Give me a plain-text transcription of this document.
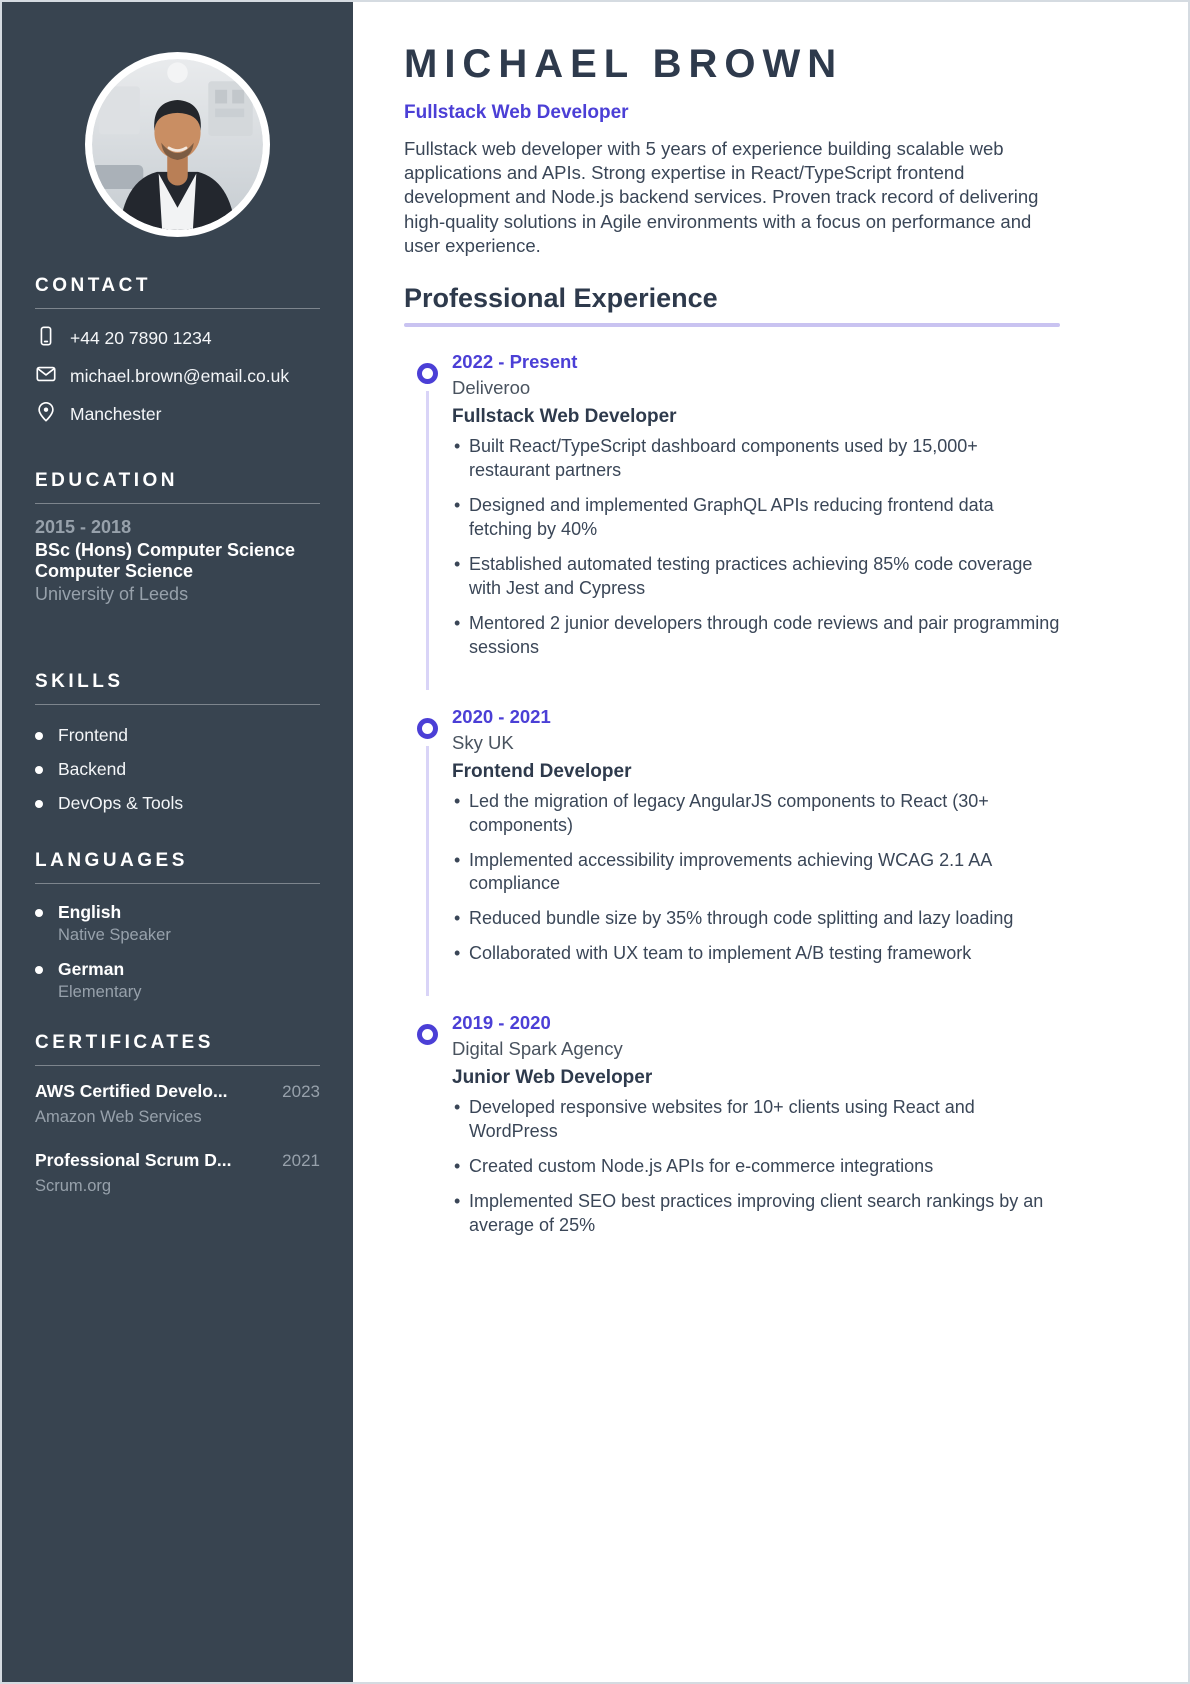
CONTACT
+44 20 7890 1234
michael.brown@email.co.uk
Manchester
EDUCATION
2015 - 2018
BSc (Hons) Computer Science Computer Science
University of Leeds
SKILLS
Frontend
Backend
DevOps & Tools
LANGUAGES
English
Native Speaker
German
Elementary
CERTIFICATES
AWS Certified Develo...	2023
Amazon Web Services
Professional Scrum D...	2021
Scrum.org
MICHAEL BROWN
Fullstack Web Developer

Fullstack web developer with 5 years of experience building scalable web applications and APIs. Strong expertise in React/TypeScript frontend development and Node.js backend services. Proven track record of delivering high-quality solutions in Agile environments with a focus on performance and user experience.

Professional Experience
2022 - Present
Deliveroo
Fullstack Web Developer
• Built React/TypeScript dashboard components used by 15,000+ restaurant partners
• Designed and implemented GraphQL APIs reducing frontend data fetching by 40%
• Established automated testing practices achieving 85% code coverage with Jest and Cypress
• Mentored 2 junior developers through code reviews and pair programming sessions
2020 - 2021
Sky UK
Frontend Developer
• Led the migration of legacy AngularJS components to React (30+ components)
• Implemented accessibility improvements achieving WCAG 2.1 AA compliance
• Reduced bundle size by 35% through code splitting and lazy loading
• Collaborated with UX team to implement A/B testing framework
2019 - 2020
Digital Spark Agency
Junior Web Developer
• Developed responsive websites for 10+ clients using React and WordPress
• Created custom Node.js APIs for e-commerce integrations
• Implemented SEO best practices improving client search rankings by an average of 25%
